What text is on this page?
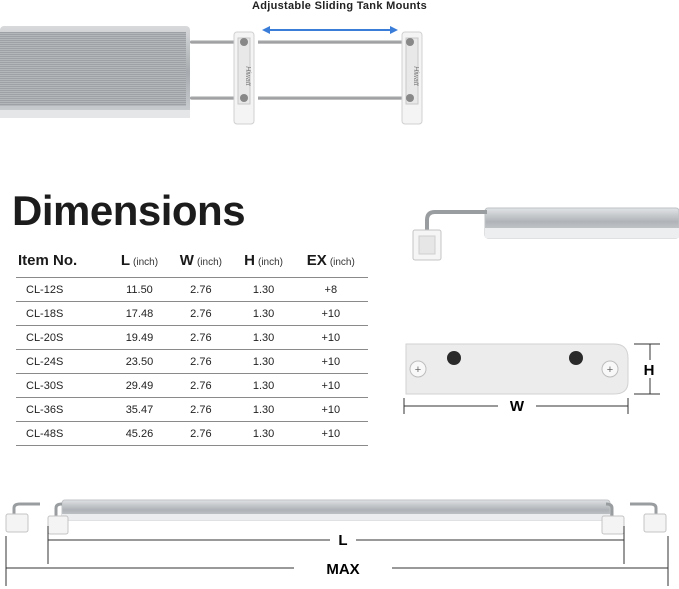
Adjustable Sliding Tank Mounts
Hiwatt	Hiwatt
Dimensions
Item No.	L (inch)	W (inch)	H (inch)	EX (inch)
CL-12S	11.50	2.76	1.30	+8
CL-18S	17.48	2.76	1.30	+10
CL-20S	19.49	2.76	1.30	+10
CL-24S	23.50	2.76	1.30	+10
CL-30S	29.49	2.76	1.30	+10
CL-36S	35.47	2.76	1.30	+10
CL-48S	45.26	2.76	1.30	+10
+	+
W
H
L
MAX
